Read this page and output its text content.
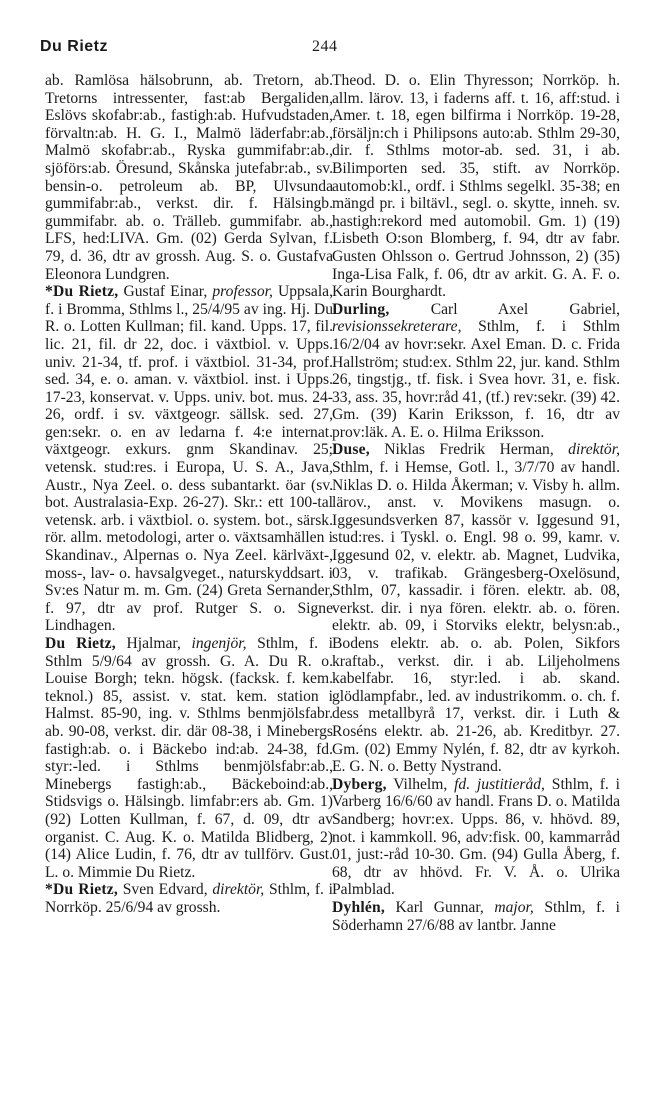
Du Rietz	244

ab. Ramlösa hälsobrunn, ab. Tretorn, ab. Tretorns intressenter, fast:ab Bergaliden, Eslövs skofabr:ab., fastigh:ab. Hufvudstaden, förvaltn:ab. H. G. I., Malmö läderfabr:ab., Malmö skofabr:ab., Ryska gummifabr:ab., sjöförs:ab. Öresund, Skånska jutefabr:ab., sv. bensin-o. petroleum ab. BP, Ulvsunda gummifabr:ab., verkst. dir. f. Hälsingb. gummifabr. ab. o. Trälleb. gummifabr. ab., LFS, hed:LIVA. Gm. (02) Gerda Sylvan, f. 79, d. 36, dtr av grossh. Aug. S. o. Gustafva Eleonora Lundgren.

*Du Rietz, Gustaf Einar, professor, Uppsala, f. i Bromma, Sthlms l., 25/4/95 av ing. Hj. Du R. o. Lotten Kullman; fil. kand. Upps. 17, fil. lic. 21, fil. dr 22, doc. i växtbiol. v. Upps. univ. 21-34, tf. prof. i växtbiol. 31-34, prof. sed. 34, e. o. aman. v. växtbiol. inst. i Upps. 17-23, konservat. v. Upps. univ. bot. mus. 24-26, ordf. i sv. växtgeogr. sällsk. sed. 27, gen:sekr. o. en av ledarna f. 4:e internat. växtgeogr. exkurs. gnm Skandinav. 25; vetensk. stud:res. i Europa, U. S. A., Java, Austr., Nya Zeel. o. dess subantarkt. öar (sv. bot. Australasia-Exp. 26-27). Skr.: ett 100-tal vetensk. arb. i växtbiol. o. system. bot., särsk. rör. allm. metodologi, arter o. växtsamhällen i Skandinav., Alpernas o. Nya Zeel. kärlväxt-, moss-, lav- o. havsalgveget., naturskyddsart. i Sv:es Natur m. m. Gm. (24) Greta Sernander, f. 97, dtr av prof. Rutger S. o. Signe Lindhagen.

Du Rietz, Hjalmar, ingenjör, Sthlm, f. i Sthlm 5/9/64 av grossh. G. A. Du R. o. Louise Borgh; tekn. högsk. (facksk. f. kem. teknol.) 85, assist. v. stat. kem. station i Halmst. 85-90, ing. v. Sthlms benmjölsfabr. ab. 90-08, verkst. dir. där 08-38, i Minebergs fastigh:ab. o. i Bäckebo ind:ab. 24-38, fd. styr:-led. i Sthlms benmjölsfabr:ab., Minebergs fastigh:ab., Bäckeboind:ab., Stidsvigs o. Hälsingb. limfabr:ers ab. Gm. 1) (92) Lotten Kullman, f. 67, d. 09, dtr av organist. C. Aug. K. o. Matilda Blidberg, 2) (14) Alice Ludin, f. 76, dtr av tullförv. Gust. L. o. Mimmie Du Rietz.

*Du Rietz, Sven Edvard, direktör, Sthlm, f. i Norrköp. 25/6/94 av grossh.

Theod. D. o. Elin Thyresson; Norrköp. h. allm. lärov. 13, i faderns aff. t. 16, aff:stud. i Amer. t. 18, egen bilfirma i Norrköp. 19-28, försäljn:ch i Philipsons auto:ab. Sthlm 29-30, dir. f. Sthlms motor-ab. sed. 31, i ab. Bilimporten sed. 35, stift. av Norrköp. automob:kl., ordf. i Sthlms segelkl. 35-38; en mängd pr. i biltävl., segl. o. skytte, inneh. sv. hastigh:rekord med automobil. Gm. 1) (19) Lisbeth O:son Blomberg, f. 94, dtr av fabr. Gusten Ohlsson o. Gertrud Johnsson, 2) (35) Inga-Lisa Falk, f. 06, dtr av arkit. G. A. F. o. Karin Bourghardt.

Durling,	Carl Axel Gabriel, revisionssekreterare, Sthlm, f. i Sthlm 16/2/04 av hovr:sekr. Axel Eman. D. c. Frida Hallström; stud:ex. Sthlm 22, jur. kand. Sthlm 26, tingstjg., tf. fisk. i Svea hovr. 31, e. fisk. 33, ass. 35, hovr:råd 41, (tf.) rev:sekr. (39) 42. Gm. (39) Karin Eriksson, f. 16, dtr av prov:läk. A. E. o. Hilma Eriksson.

Duse, Niklas Fredrik Herman, direktör, Sthlm, f. i Hemse, Gotl. l., 3/7/70 av handl. Niklas D. o. Hilda Åkerman; v. Visby h. allm. lärov., anst. v. Movikens masugn. o. Iggesundsverken 87, kassör v. Iggesund 91, stud:res. i Tyskl. o. Engl. 98 o. 99, kamr. v. Iggesund 02, v. elektr. ab. Magnet, Ludvika, 03, v. trafikab. Grängesberg-Oxelösund, Sthlm, 07, kassadir. i fören. elektr. ab. 08, verkst. dir. i nya fören. elektr. ab. o. fören. elektr. ab. 09, i Storviks elektr, belysn:ab., Bodens elektr. ab. o. ab. Polen, Sikfors kraftab., verkst. dir. i ab. Liljeholmens kabelfabr. 16, styr:led. i ab. skand. glödlampfabr., led. av industrikomm. o. ch. f. dess metallbyrå 17, verkst. dir. i Luth & Roséns elektr. ab. 21-26, ab. Kreditbyr. 27. Gm. (02) Emmy Nylén, f. 82, dtr av kyrkoh. E. G. N. o. Betty Nystrand.

Dyberg, Vilhelm, fd. justitieråd, Sthlm, f. i Varberg 16/6/60 av handl. Frans D. o. Matilda Sandberg; hovr:ex. Upps. 86, v. hhövd. 89, not. i kammkoll. 96, adv:fisk. 00, kammarråd 01, just:-råd 10-30. Gm. (94) Gulla Åberg, f. 68, dtr av hhövd. Fr. V. Å. o. Ulrika Palmblad.

Dyhlén, Karl Gunnar, major, Sthlm, f. i Söderhamn 27/6/88 av lantbr. Janne
